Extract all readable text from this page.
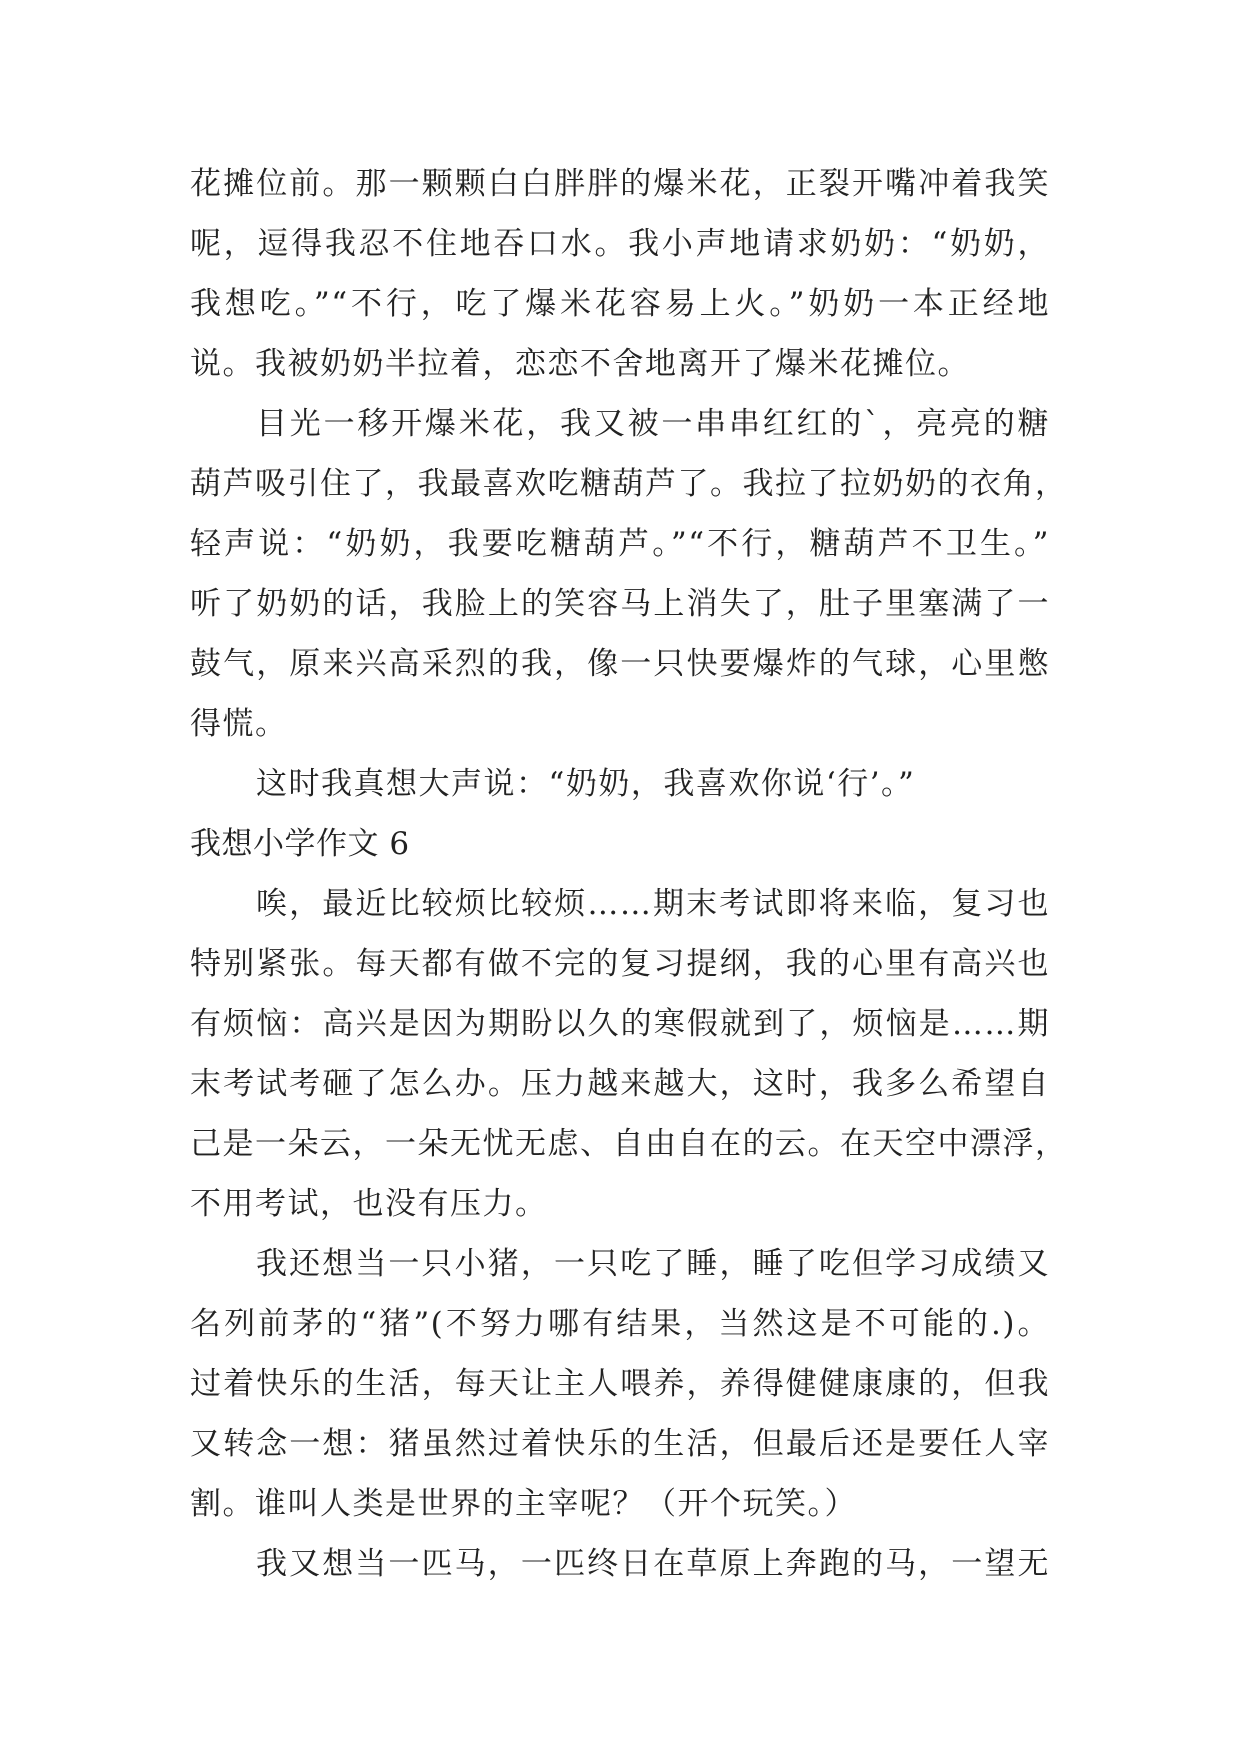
花摊位前。那一颗颗白白胖胖的爆米花，正裂开嘴冲着我笑
呢，逗得我忍不住地吞口水。我小声地请求奶奶：“奶奶，
我想吃。”“不行，吃了爆米花容易上火。”奶奶一本正经地
说。我被奶奶半拉着，恋恋不舍地离开了爆米花摊位。
目光一移开爆米花，我又被一串串红红的`，亮亮的糖
葫芦吸引住了，我最喜欢吃糖葫芦了。我拉了拉奶奶的衣角，
轻声说：“奶奶，我要吃糖葫芦。”“不行，糖葫芦不卫生。”
听了奶奶的话，我脸上的笑容马上消失了，肚子里塞满了一
鼓气，原来兴高采烈的我，像一只快要爆炸的气球，心里憋
得慌。
这时我真想大声说：“奶奶，我喜欢你说‘行’。”
我想小学作文 6
唉，最近比较烦比较烦……期末考试即将来临，复习也
特别紧张。每天都有做不完的复习提纲，我的心里有高兴也
有烦恼：高兴是因为期盼以久的寒假就到了，烦恼是……期
末考试考砸了怎么办。压力越来越大，这时，我多么希望自
己是一朵云，一朵无忧无虑、自由自在的云。在天空中漂浮，
不用考试，也没有压力。
我还想当一只小猪，一只吃了睡，睡了吃但学习成绩又
名列前茅的“猪”(不努力哪有结果，当然这是不可能的.)。
过着快乐的生活，每天让主人喂养，养得健健康康的，但我
又转念一想：猪虽然过着快乐的生活，但最后还是要任人宰
割。谁叫人类是世界的主宰呢？（开个玩笑。）
我又想当一匹马，一匹终日在草原上奔跑的马，一望无
